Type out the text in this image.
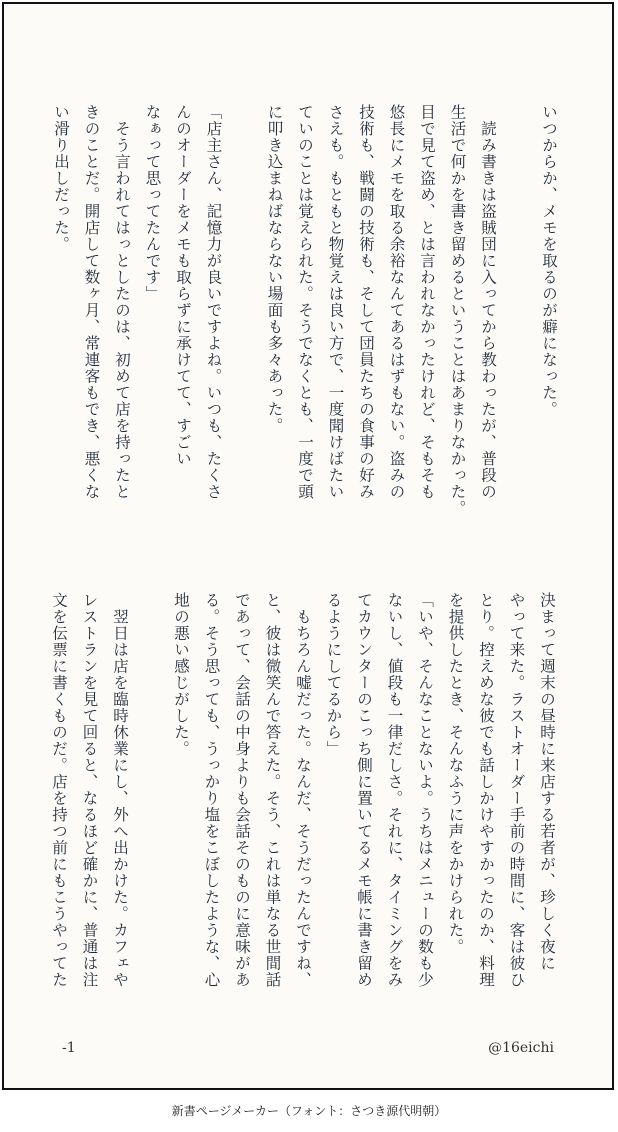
いつからか、メモを取るのが癖になった。

　読み書きは盗賊団に入ってから教わったが、普段の
生活で何かを書き留めるということはあまりなかった。
目で見て盗め、とは言われなかったけれど、そもそも
悠長にメモを取る余裕なんてあるはずもない。盗みの
技術も、戦闘の技術も、そして団員たちの食事の好み
さえも。もともと物覚えは良い方で、一度聞けばたい
ていのことは覚えられた。そうでなくとも、一度で頭
に叩き込まねばならない場面も多々あった。

「店主さん、記憶力が良いですよね。いつも、たくさ
んのオーダーをメモも取らずに承けてて、すごい
なぁって思ってたんです」
　そう言われてはっとしたのは、初めて店を持ったと
きのことだ。開店して数ヶ月、常連客もでき、悪くな
い滑り出しだった。
決まって週末の昼時に来店する若者が、珍しく夜に
やって来た。ラストオーダー手前の時間に、客は彼ひ
とり。控えめな彼でも話しかけやすかったのか、料理
を提供したとき、そんなふうに声をかけられた。
「いや、そんなことないよ。うちはメニューの数も少
ないし、値段も一律だしさ。それに、タイミングをみ
てカウンターのこっち側に置いてるメモ帳に書き留め
るようにしてるから」
　もちろん嘘だった。なんだ、そうだったんですね、
と、彼は微笑んで答えた。そう、これは単なる世間話
であって、会話の中身よりも会話そのものに意味があ
る。そう思っても、うっかり塩をこぼしたような、心
地の悪い感じがした。

　翌日は店を臨時休業にし、外へ出かけた。カフェや
レストランを見て回ると、なるほど確かに、普通は注
文を伝票に書くものだ。店を持つ前にもこうやってた
-1	@16eichi
新書ページメーカー（フォント：さつき源代明朝）
